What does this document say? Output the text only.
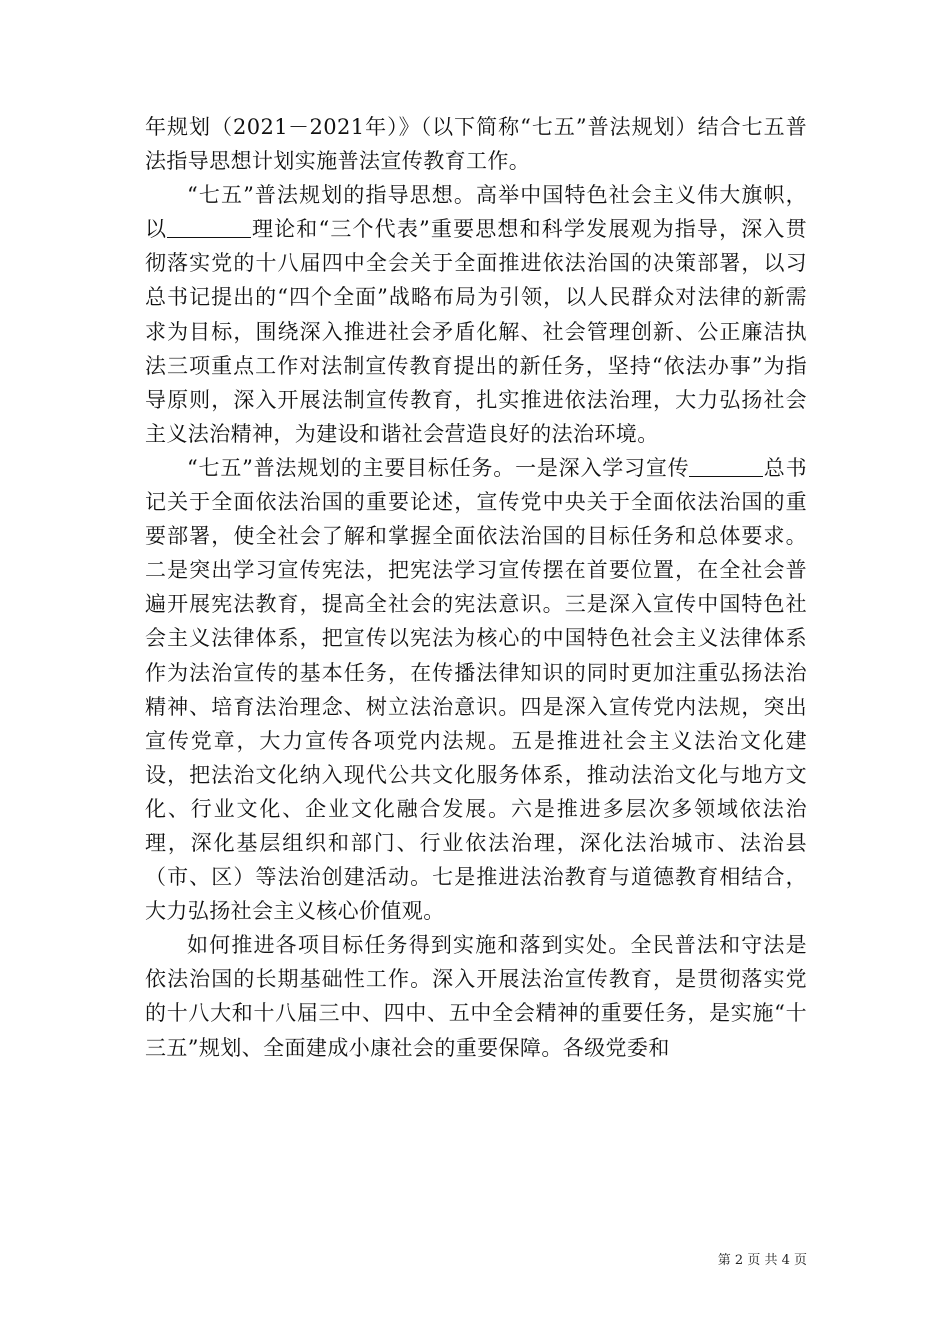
年规划（2021－2021年）》（以下简称“七五”普法规划）结合七五普法指导思想计划实施普法宣传教育工作。

“七五”普法规划的指导思想。高举中国特色社会主义伟大旗帜，以	理论和“三个代表”重要思想和科学发展观为指导，深入贯彻落实党的十八届四中全会关于全面推进依法治国的决策部署，以习总书记提出的“四个全面”战略布局为引领，以人民群众对法律的新需求为目标，围绕深入推进社会矛盾化解、社会管理创新、公正廉洁执法三项重点工作对法制宣传教育提出的新任务，坚持“依法办事”为指导原则，深入开展法制宣传教育，扎实推进依法治理，大力弘扬社会主义法治精神，为建设和谐社会营造良好的法治环境。

“七五”普法规划的主要目标任务。一是深入学习宣传	总书记关于全面依法治国的重要论述，宣传党中央关于全面依法治国的重要部署，使全社会了解和掌握全面依法治国的目标任务和总体要求。二是突出学习宣传宪法，把宪法学习宣传摆在首要位置，在全社会普遍开展宪法教育，提高全社会的宪法意识。三是深入宣传中国特色社会主义法律体系，把宣传以宪法为核心的中国特色社会主义法律体系作为法治宣传的基本任务，在传播法律知识的同时更加注重弘扬法治精神、培育法治理念、树立法治意识。四是深入宣传党内法规，突出宣传党章，大力宣传各项党内法规。五是推进社会主义法治文化建设，把法治文化纳入现代公共文化服务体系，推动法治文化与地方文化、行业文化、企业文化融合发展。六是推进多层次多领域依法治理，深化基层组织和部门、行业依法治理，深化法治城市、法治县（市、区）等法治创建活动。七是推进法治教育与道德教育相结合，大力弘扬社会主义核心价值观。

如何推进各项目标任务得到实施和落到实处。全民普法和守法是依法治国的长期基础性工作。深入开展法治宣传教育，是贯彻落实党的十八大和十八届三中、四中、五中全会精神的重要任务，是实施“十三五”规划、全面建成小康社会的重要保障。各级党委和

第 2 页 共 4 页
